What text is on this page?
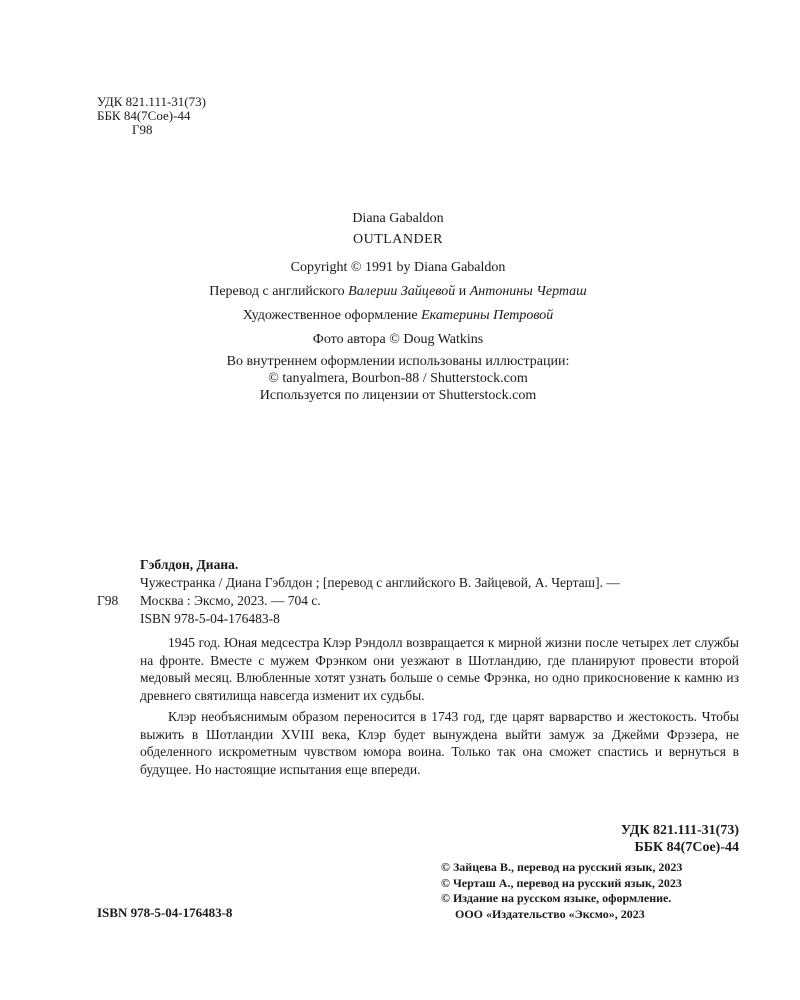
УДК 821.111-31(73)
ББК 84(7Сое)-44
Г98
Diana Gabaldon
OUTLANDER
Copyright © 1991 by Diana Gabaldon
Перевод с английского Валерии Зайцевой и Антонины Черташ
Художественное оформление Екатерины Петровой
Фото автора © Doug Watkins
Во внутреннем оформлении использованы иллюстрации:
© tanyalmera, Bourbon-88 / Shutterstock.com
Используется по лицензии от Shutterstock.com
Гэблдон, Диана.
Чужестранка / Диана Гэблдон ; [перевод с английского В. Зайцевой, А. Черташ]. —
Г98 Москва : Эксмо, 2023. — 704 с.
ISBN 978-5-04-176483-8
1945 год. Юная медсестра Клэр Рэндолл возвращается к мирной жизни после четырех лет службы на фронте. Вместе с мужем Фрэнком они уезжают в Шотландию, где планируют провести второй медовый месяц. Влюбленные хотят узнать больше о семье Фрэнка, но одно прикосновение к камню из древнего святилища навсегда изменит их судьбы.
Клэр необъяснимым образом переносится в 1743 год, где царят варварство и жестокость. Чтобы выжить в Шотландии XVIII века, Клэр будет вынуждена выйти замуж за Джейми Фрэзера, не обделенного искрометным чувством юмора воина. Только так она сможет спастись и вернуться в будущее. Но настоящие испытания еще впереди.
УДК 821.111-31(73)
ББК 84(7Сое)-44
© Зайцева В., перевод на русский язык, 2023
© Черташ А., перевод на русский язык, 2023
© Издание на русском языке, оформление.
ООО «Издательство «Эксмо», 2023
ISBN 978-5-04-176483-8
